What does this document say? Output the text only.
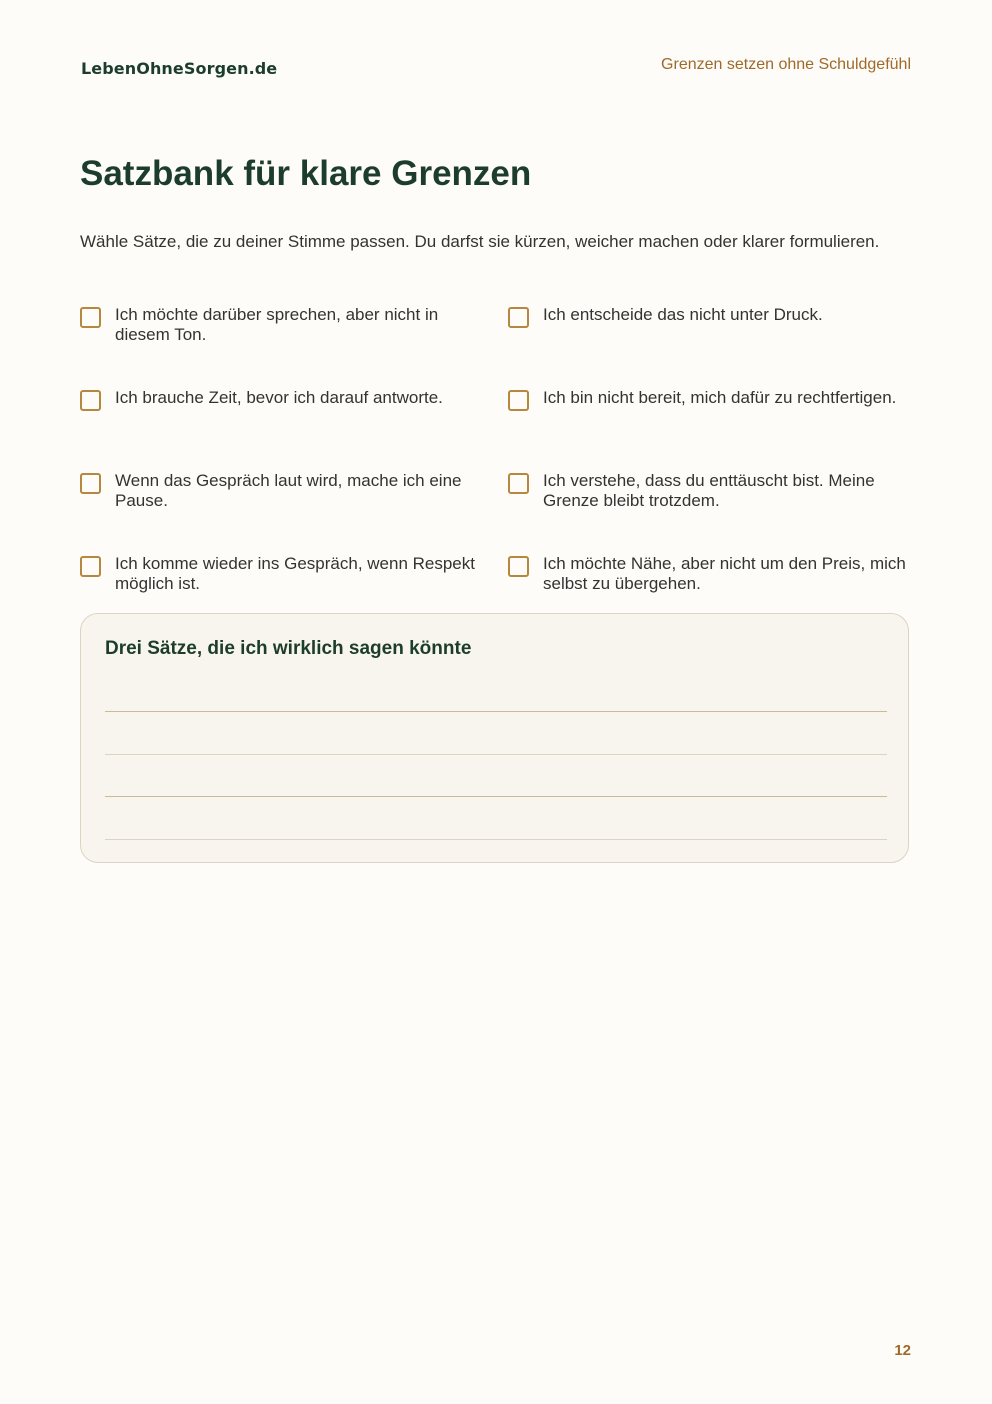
LebenOhneSorgen.de	Grenzen setzen ohne Schuldgefühl
Satzbank für klare Grenzen

Wähle Sätze, die zu deiner Stimme passen. Du darfst sie kürzen, weicher machen oder klarer formulieren.

Ich möchte darüber sprechen, aber nicht in diesem Ton.
Ich entscheide das nicht unter Druck.
Ich brauche Zeit, bevor ich darauf antworte.	Ich bin nicht bereit, mich dafür zu rechtfertigen.
Wenn das Gespräch laut wird, mache ich eine Pause.
Ich verstehe, dass du enttäuscht bist. Meine Grenze bleibt trotzdem.
Ich komme wieder ins Gespräch, wenn Respekt möglich ist.
Ich möchte Nähe, aber nicht um den Preis, mich selbst zu übergehen.
Drei Sätze, die ich wirklich sagen könnte
12
